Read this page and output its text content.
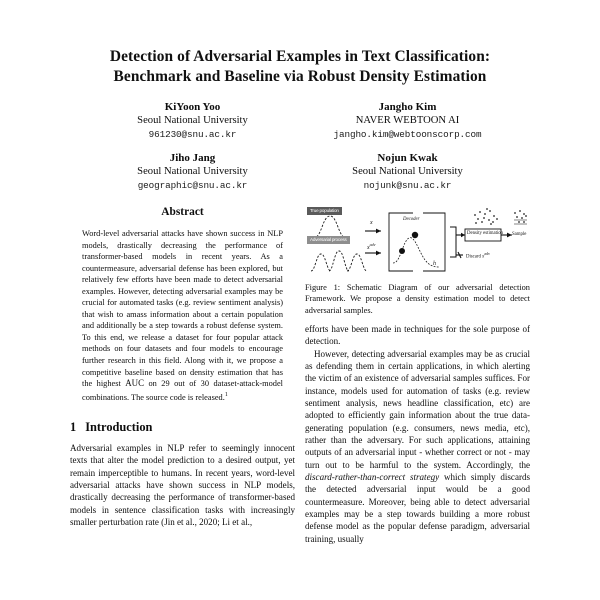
Detection of Adversarial Examples in Text Classification:
Benchmark and Baseline via Robust Density Estimation
KiYoon Yoo
Seoul National University
961230@snu.ac.kr
Jangho Kim
NAVER WEBTOON AI
jangho.kim@webtoonscorp.com
Jiho Jang
Seoul National University
geographic@snu.ac.kr
Nojun Kwak
Seoul National University
nojunk@snu.ac.kr
Abstract
Word-level adversarial attacks have shown success in NLP models, drastically decreasing the performance of transformer-based models in recent years. As a countermeasure, adversarial defense has been explored, but relatively few efforts have been made to detect adversarial examples. However, detecting adversarial examples may be crucial for automated tasks (e.g. review sentiment analysis) that wish to amass information about a certain population and additionally be a step towards a robust defense system. To this end, we release a dataset for four popular attack methods on four datasets and four models to encourage further research in this field. Along with it, we propose a competitive baseline based on density estimation that has the highest AUC on 29 out of 30 dataset-attack-model combinations. The source code is released.$^1$
1 Introduction

Adversarial examples in NLP refer to seemingly innocent texts that alter the model prediction to a desired output, yet remain imperceptible to humans. In recent years, word-level adversarial attacks have shown success in NLP models, drastically decreasing the performance of transformer-based models in sentence classification tasks with increasingly smaller perturbation rate (Jin et al., 2020; Li et al.,

True population
Adversarial process
x
$x^{adv}$
Decoder
h
Density estimation Sample
Discard $x^{adv}$
Figure 1: Schematic Diagram of our adversarial detection Framework. We propose a density estimation model to detect adversarial samples.

efforts have been made in techniques for the sole purpose of detection.

However, detecting adversarial examples may be as crucial as defending them in certain applications, in which alerting the victim of an existence of adversarial samples suffices. For instance, models used for automation of tasks (e.g. review sentiment analysis, news headline classification, etc) are adopted to efficiently gain information about the true data-generating population (e.g. consumers, news media, etc), rather than the adversary. For such applications, attaining outputs of an adversarial input - whether correct or not - may turn out to be harmful to the system. Accordingly, the discard-rather-than-correct strategy which simply discards the detected adversarial input would be a good countermeasure. Moreover, being able to detect adversarial examples may be a step towards building a more robust defense model as the popular defense paradigm, adversarial training, usually
